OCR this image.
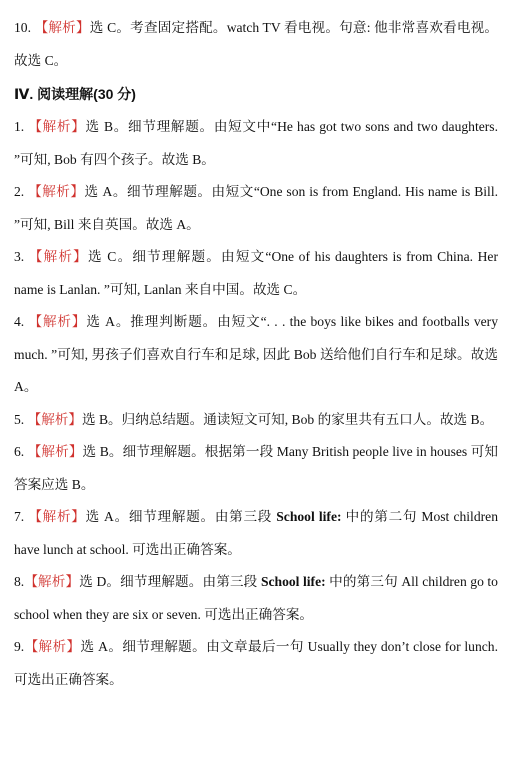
10. 【解析】选 C。考查固定搭配。watch TV 看电视。句意: 他非常喜欢看电视。故选 C。
Ⅳ. 阅读理解(30 分)
1. 【解析】选 B。细节理解题。由短文中“He has got two sons and two daughters. ”可知, Bob 有四个孩子。故选 B。
2. 【解析】选 A。细节理解题。由短文“One son is from England. His name is Bill. ”可知, Bill 来自英国。故选 A。
3. 【解析】选 C。细节理解题。由短文“One of his daughters is from China. Her name is Lanlan. ”可知, Lanlan 来自中国。故选 C。
4. 【解析】选 A。推理判断题。由短文“. . . the boys like bikes and footballs very much. ”可知, 男孩子们喜欢自行车和足球, 因此 Bob 送给他们自行车和足球。故选 A。
5. 【解析】选 B。归纳总结题。通读短文可知, Bob 的家里共有五口人。故选 B。
6. 【解析】选 B。细节理解题。根据第一段 Many British people live in houses 可知答案应选 B。
7. 【解析】选 A。细节理解题。由第三段 School life: 中的第二句 Most children have lunch at school. 可选出正确答案。
8.【解析】选 D。细节理解题。由第三段 School life: 中的第三句 All children go to school when they are six or seven. 可选出正确答案。
9.【解析】选 A。细节理解题。由文章最后一句 Usually they don’t close for lunch. 可选出正确答案。
